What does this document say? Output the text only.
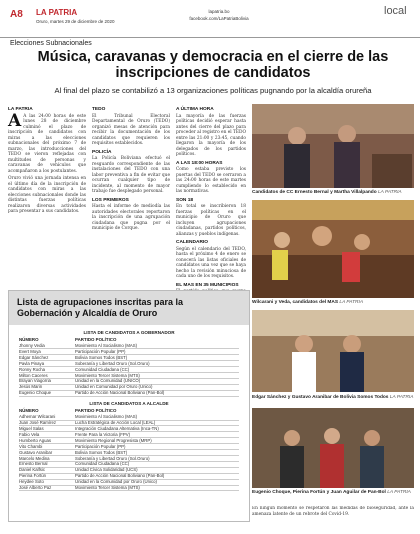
A8 LA PATRIA
Oruro, martes 29 de diciembre de 2020
lapatria.bo
facebook.com/LaPatriaBolivia
local
Elecciones Subnacionales
Música, caravanas y democracia en el cierre de las inscripciones de candidatos
Al final del plazo se contabilizó a 13 organizaciones políticas pugnando por la alcaldía orureña
LA PATRIA

A A las 24:00 horas de este lunes 28 de diciembre culminó el plazo de inscripción de candidatos con miras a las elecciones subnacionales del próximo 7 de marzo, las introducciones del TEDO se vieron reflejadas con multitudes de personas y caravanas de vehículos que acompañaron a los postulantes.

Oruro vivió una jornada intensa en el último día de la inscripción de candidatos con miras a las elecciones subnacionales donde las distintas fuerzas políticas realizaron diversas actividades para presentar a sus candidatos.

TEDO

El Tribunal Electoral Departamental de Oruro (TEDO) organizó mesas de atención para recibir la documentación de los candidatos que requieren los requisitos establecidos.

POLICÍA

La Policía Boliviana efectuó el resguardo correspondiente de las instalaciones del TEDO con una labor preventiva a fin de evitar que ocurran cualquier tipo de incidente, al momento de mayor trabajo fue desplegado personal.

LOS PRIMEROS

Hasta el informe de mediodía las autoridades electorales reportaron la inscripción de una agrupación ciudadana que pugna por el municipio de Corque.

A ÚLTIMA HORA

La mayoría de las fuerzas políticas decidió esperar hasta antes del cierre del plazo para proceder al registro en el TEDO entre las 21:00 y 23:45, cuando llegaron la mayoría de los delegados de los partidos políticos.

A LAS 18:00 HORAS

Como estaba previsto los puertas del TEDO se cerraron a las 24:00 horas de este martes cumpliendo lo establecido en las normativas.

SON 18

En total se inscribieron 18 fuerzas políticas en el municipio de Oruro que incluyen agrupaciones ciudadanas, partidos políticos, alianzas y pueblos indígenas.

CALENDARIO

Según el calendario del TEDO, hasta el próximo 4 de enero se conocerá las listas oficiales de candidatos una vez que se haya hecho la revisión minuciosa de cada uno de los requisitos.

EL MAS EN 35 MUNICIPIOS

Candidatos de CC Ernesto Bernal y Martha Villalpando LA PATRIA
Wilcarani y Veda, candidatos del MAS LA PATRIA
Edgar Sánchez y Gustavo Aranibar de Bolivia Somos Todos LA PATRIA
Eugenio Choque, Pierina Fortún y Juan Aguilar de Pan-Bol LA PATRIA

En ningún momento se respetaron las medidas de bioseguridad, ante la amenaza latente de un rebrote del Covid-19.

Lista de agrupaciones inscritas para la Gobernación y Alcaldía de Oruro
LISTA DE CANDIDATOS A GOBERNADOR
NÚMERO	PARTIDO POLÍTICO
Jhonny Vedia	Movimiento Al Socialismo (MAS)
Evert Moya	Participación Popular (PP)
Edgar Sánchez	Bolivia Somos Todos (BST)
Pavla Pinaya	Soberanía y Libertad Oruro (Sol.Oruro)
Ronny Rocha	Comunidad Ciudadana (CC)
Milton Caceres	Movimiento Tercer Sistema (MTS)
Brayan Viagorria	Unidad en la Comunidad (UNICO)
Jesús Marin	Unidad en Comunidad por Oruro (Unico)
Eugenio Choque	Partido de Acción Nacional Boliviano (Pan-Bol)
LISTA DE CANDIDATOS A ALCALDE
NÚMERO	PARTIDO POLÍTICO
Adhemar Wilcarani	Movimiento Al Socialismo (MAS)
Juan José Ramírez	Lucha Estratégica de Acción Local (LEAL)
Miguel Salas	Integración Ciudadana Alternativa (Inca-TN)
Fabio Vela	Frente Para la Victoria (FPV)
Humberto Aguas	Movimiento Regional Progresista (MRP)
Vito Chambi	Participación Popular (PP)
Gustavo Aranibar	Bolivia Somos Todos (BST)
Marcelo Medina	Soberanía y Libertad Oruro (Sol.Oruro)
Ernesto Bernal	Comunidad Ciudadana (CC)
Daniel Kalfsic	Unidad Cívica Solidaridad (UCS)
Pierina Fortún	Partido de Acción Nacional Boliviano (Pan-Bol)
Heydee Soto	Unidad en la Comunidad por Oruro (Unico)
José Alberto Paz	Movimiento Tercer Sistema (MTS)
